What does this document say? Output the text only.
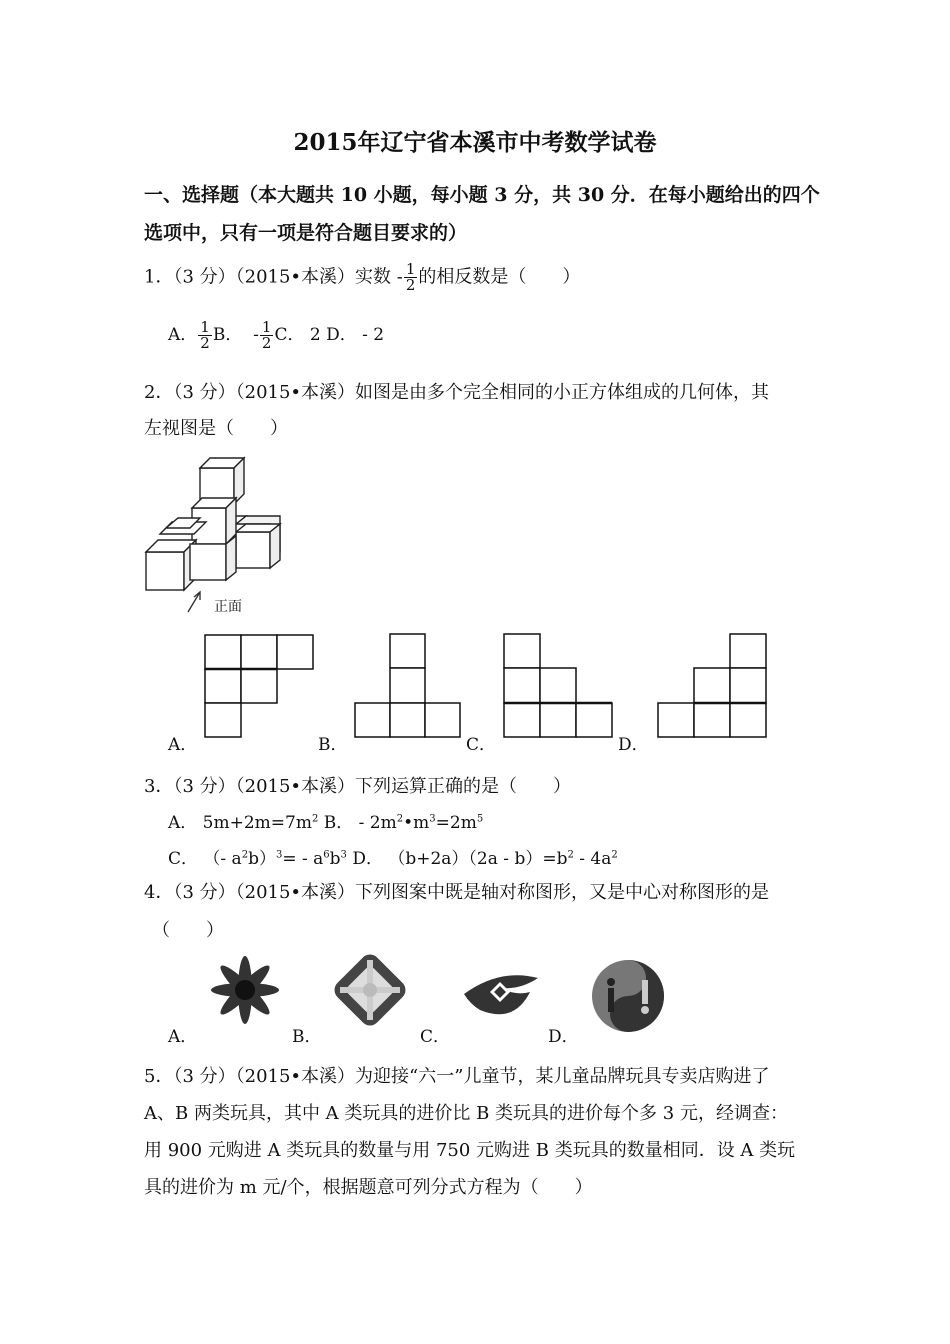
2015年辽宁省本溪市中考数学试卷
一、选择题（本大题共 10 小题，每小题 3 分，共 30 分．在每小题给出的四个
选项中，只有一项是符合题目要求的）
1．（3 分）（2015•本溪）实数 - $\frac{1}{2}$ 的相反数是（　　）
A． $\frac{1}{2}$ B． - $\frac{1}{2}$ C． 2 D． - 2
2．（3 分）（2015•本溪）如图是由多个完全相同的小正方体组成的几何体，其
左视图是（　　）
正面
A．	B．	C．	D．
3．（3 分）（2015•本溪）下列运算正确的是（　　）
A． $5m+2m=7m^2$ B． - $2m^2•m^3=2m^5$
C． （- $a^2b)^3= - a^6b^3$ D． $(b+2a)(2a - b)=b^2 - 4a^2$
4．（3 分）（2015•本溪）下列图案中既是轴对称图形，又是中心对称图形的是
（　　）
A．	B．	C．	D．
5．（3 分）（2015•本溪）为迎接“六一”儿童节，某儿童品牌玩具专卖店购进了
A、B 两类玩具，其中 A 类玩具的进价比 B 类玩具的进价每个多 3 元，经调查：
用 900 元购进 A 类玩具的数量与用 750 元购进 B 类玩具的数量相同．设 A 类玩
具的进价为 m 元/个，根据题意可列分式方程为（　　）
